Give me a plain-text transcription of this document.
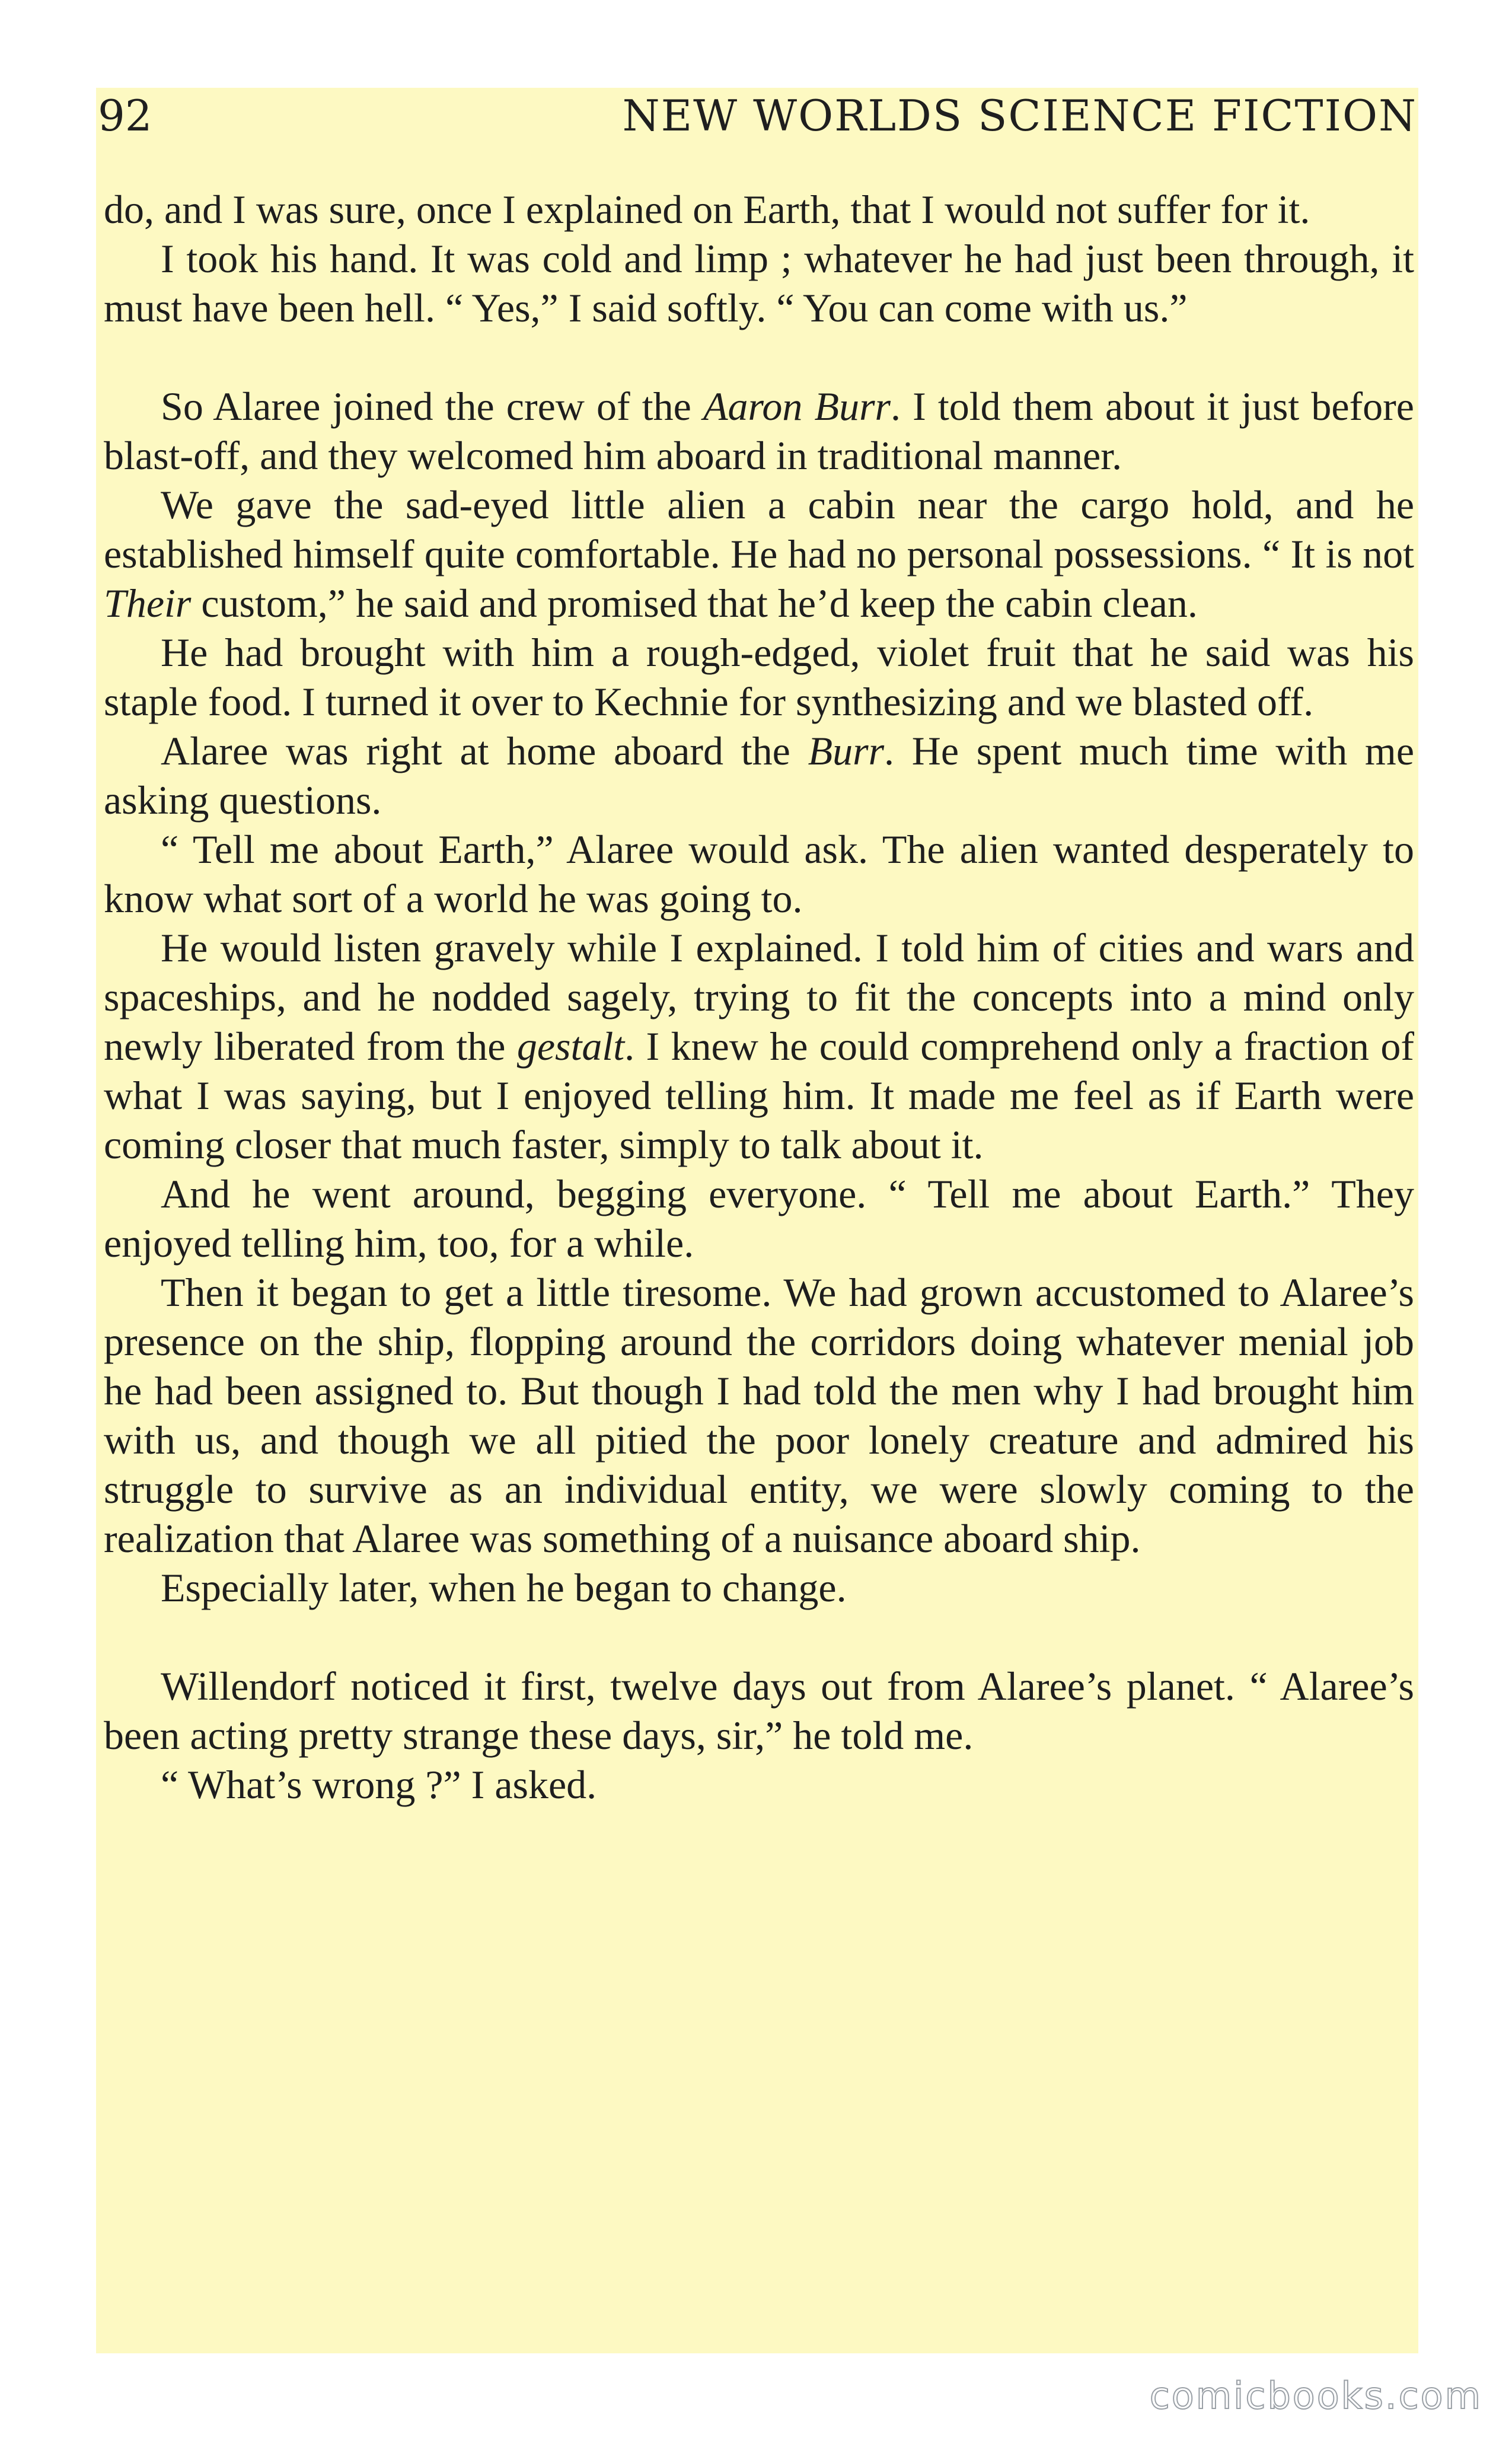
92	NEW WORLDS SCIENCE FICTION

do, and I was sure, once I explained on Earth, that I would not suffer for it.

I took his hand. It was cold and limp ; whatever he had just been through, it must have been hell. “ Yes,” I said softly. “ You can come with us.”

So Alaree joined the crew of the Aaron Burr. I told them about it just before blast-off, and they welcomed him aboard in traditional manner.

We gave the sad-eyed little alien a cabin near the cargo hold, and he established himself quite comfortable. He had no personal possessions. “ It is not Their custom,” he said and promised that he’d keep the cabin clean.

He had brought with him a rough-edged, violet fruit that he said was his staple food. I turned it over to Kechnie for synthesizing and we blasted off.

Alaree was right at home aboard the Burr. He spent much time with me asking questions.

“ Tell me about Earth,” Alaree would ask. The alien wanted desperately to know what sort of a world he was going to.

He would listen gravely while I explained. I told him of cities and wars and spaceships, and he nodded sagely, trying to fit the concepts into a mind only newly liberated from the gestalt. I knew he could comprehend only a fraction of what I was saying, but I enjoyed telling him. It made me feel as if Earth were coming closer that much faster, simply to talk about it.

And he went around, begging everyone. “ Tell me about Earth.” They enjoyed telling him, too, for a while.

Then it began to get a little tiresome. We had grown accustomed to Alaree’s presence on the ship, flopping around the corridors doing whatever menial job he had been assigned to. But though I had told the men why I had brought him with us, and though we all pitied the poor lonely creature and admired his struggle to survive as an individual entity, we were slowly coming to the realization that Alaree was something of a nuisance aboard ship.

Especially later, when he began to change.

Willendorf noticed it first, twelve days out from Alaree’s planet. “ Alaree’s been acting pretty strange these days, sir,” he told me.

“ What’s wrong ?” I asked.

comicbooks.com
